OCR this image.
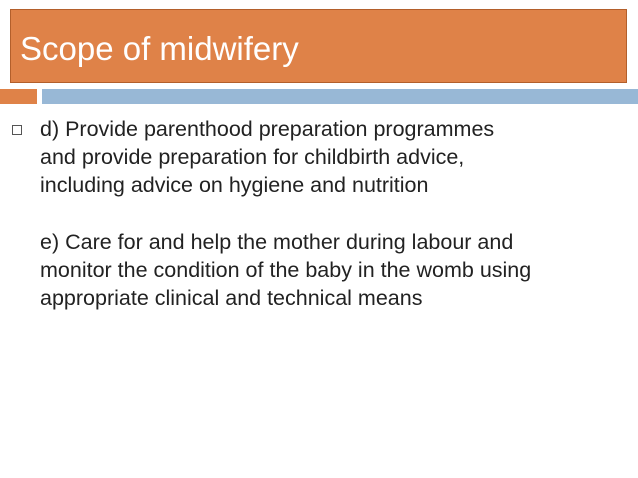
Scope of midwifery
d) Provide parenthood preparation programmes
and provide preparation for childbirth advice,
including advice on hygiene and nutrition
e) Care for and help the mother during labour and
monitor the condition of the baby in the womb using
appropriate clinical and technical means
